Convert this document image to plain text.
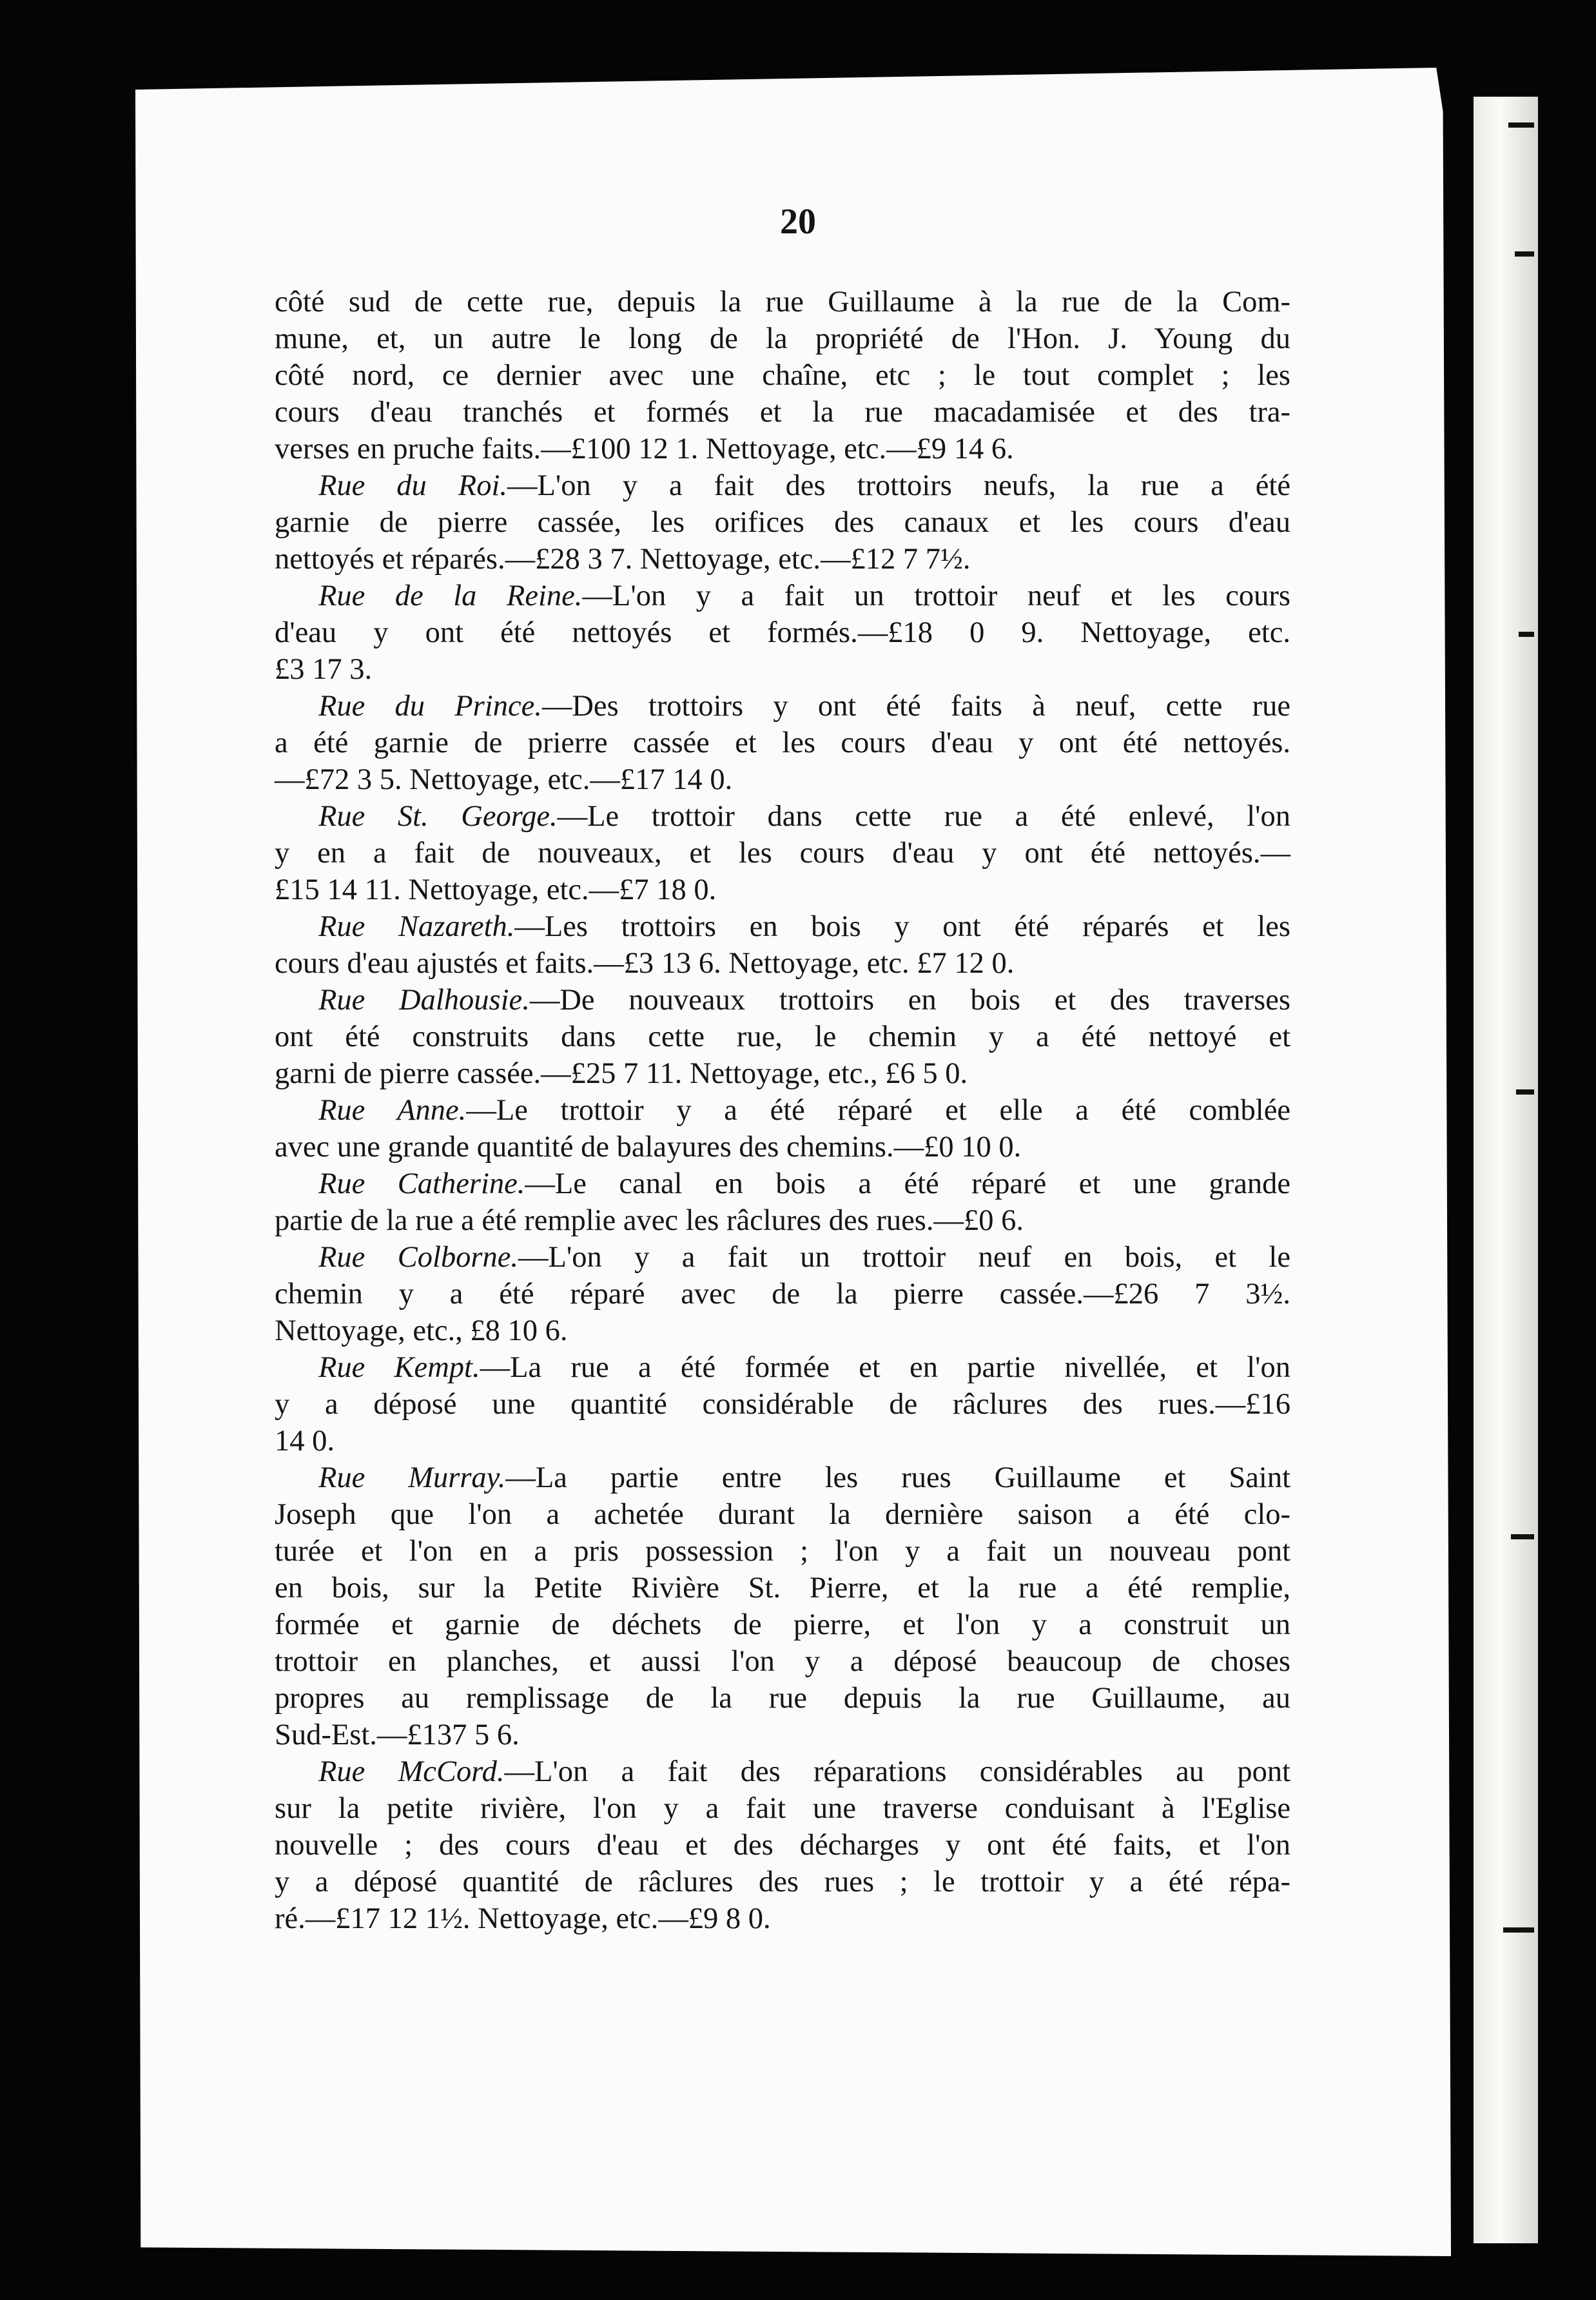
20
côté sud de cette rue, depuis la rue Guillaume à la rue de la Com-
mune, et, un autre le long de la propriété de l'Hon. J. Young du
côté nord, ce dernier avec une chaîne, etc ; le tout complet ; les
cours d'eau tranchés et formés et la rue macadamisée et des tra-
verses en pruche faits.—£100 12 1. Nettoyage, etc.—£9 14 6.
Rue du Roi.—L'on y a fait des trottoirs neufs, la rue a été
garnie de pierre cassée, les orifices des canaux et les cours d'eau
nettoyés et réparés.—£28 3 7. Nettoyage, etc.—£12 7 7½.
Rue de la Reine.—L'on y a fait un trottoir neuf et les cours
d'eau y ont été nettoyés et formés.—£18 0 9. Nettoyage, etc.
£3 17 3.
Rue du Prince.—Des trottoirs y ont été faits à neuf, cette rue
a été garnie de prierre cassée et les cours d'eau y ont été nettoyés.
—£72 3 5. Nettoyage, etc.—£17 14 0.
Rue St. George.—Le trottoir dans cette rue a été enlevé, l'on
y en a fait de nouveaux, et les cours d'eau y ont été nettoyés.—
£15 14 11. Nettoyage, etc.—£7 18 0.
Rue Nazareth.—Les trottoirs en bois y ont été réparés et les
cours d'eau ajustés et faits.—£3 13 6. Nettoyage, etc. £7 12 0.
Rue Dalhousie.—De nouveaux trottoirs en bois et des traverses
ont été construits dans cette rue, le chemin y a été nettoyé et
garni de pierre cassée.—£25 7 11. Nettoyage, etc., £6 5 0.
Rue Anne.—Le trottoir y a été réparé et elle a été comblée
avec une grande quantité de balayures des chemins.—£0 10 0.
Rue Catherine.—Le canal en bois a été réparé et une grande
partie de la rue a été remplie avec les râclures des rues.—£0 6.
Rue Colborne.—L'on y a fait un trottoir neuf en bois, et le
chemin y a été réparé avec de la pierre cassée.—£26 7 3½.
Nettoyage, etc., £8 10 6.
Rue Kempt.—La rue a été formée et en partie nivellée, et l'on
y a déposé une quantité considérable de râclures des rues.—£16
14 0.
Rue Murray.—La partie entre les rues Guillaume et Saint
Joseph que l'on a achetée durant la dernière saison a été clo-
turée et l'on en a pris possession ; l'on y a fait un nouveau pont
en bois, sur la Petite Rivière St. Pierre, et la rue a été remplie,
formée et garnie de déchets de pierre, et l'on y a construit un
trottoir en planches, et aussi l'on y a déposé beaucoup de choses
propres au remplissage de la rue depuis la rue Guillaume, au
Sud-Est.—£137 5 6.
Rue McCord.—L'on a fait des réparations considérables au pont
sur la petite rivière, l'on y a fait une traverse conduisant à l'Eglise
nouvelle ; des cours d'eau et des décharges y ont été faits, et l'on
y a déposé quantité de râclures des rues ; le trottoir y a été répa-
ré.—£17 12 1½. Nettoyage, etc.—£9 8 0.
